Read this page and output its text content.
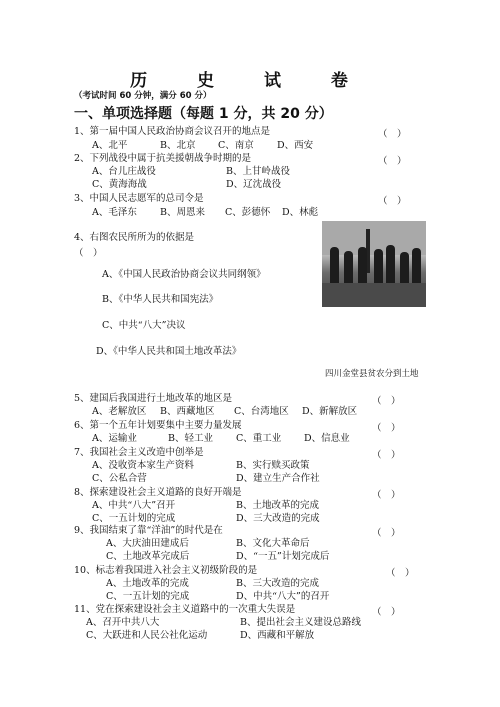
历 史 试 卷
（考试时间 60 分钟，满分 60 分）
一、单项选择题（每题 1 分，共 20 分）
1、第一届中国人民政治协商会议召开的地点是	（　）
A、北平	B、北京 C、南京 D、西安
2、下列战役中属于抗美援朝战争时期的是	（　）
A、台儿庄战役	B、上甘岭战役
C、黄海海战	D、辽沈战役
3、中国人民志愿军的总司令是	（　）
A、毛泽东 B、周恩来 C、彭德怀 D、林彪
4、右图农民所所为的依据是
（　）
A、《中国人民政治协商会议共同纲领》
B、《中华人民共和国宪法》
C、中共“八大”决议
D、《中华人民共和国土地改革法》
四川金堂县贫农分到土地
5、建国后我国进行土地改革的地区是	（　）
A、老解放区 B、西藏地区 C、台湾地区 D、新解放区
6、第一个五年计划要集中主要力量发展	（　）
A、运输业	B、轻工业 C、重工业 D、信息业
7、我国社会主义改造中创举是	（　）
A、没收资本家生产资料	B、实行赎买政策
C、公私合营	D、建立生产合作社
8、探索建设社会主义道路的良好开端是	（　）
A、中共“八大”召开	B、土地改革的完成
C、一五计划的完成	D、三大改造的完成
9、我国结束了靠“洋油”的时代是在	（　）
A、大庆油田建成后	B、文化大革命后
C、土地改革完成后	D、“一五”计划完成后
10、标志着我国进入社会主义初级阶段的是	（　）
A、土地改革的完成	B、三大改造的完成
C、一五计划的完成	D、中共“八大”的召开
11、党在探索建设社会主义道路中的一次重大失误是	（　）
A、召开中共八大	B、提出社会主义建设总路线
C、大跃进和人民公社化运动	D、西藏和平解放
